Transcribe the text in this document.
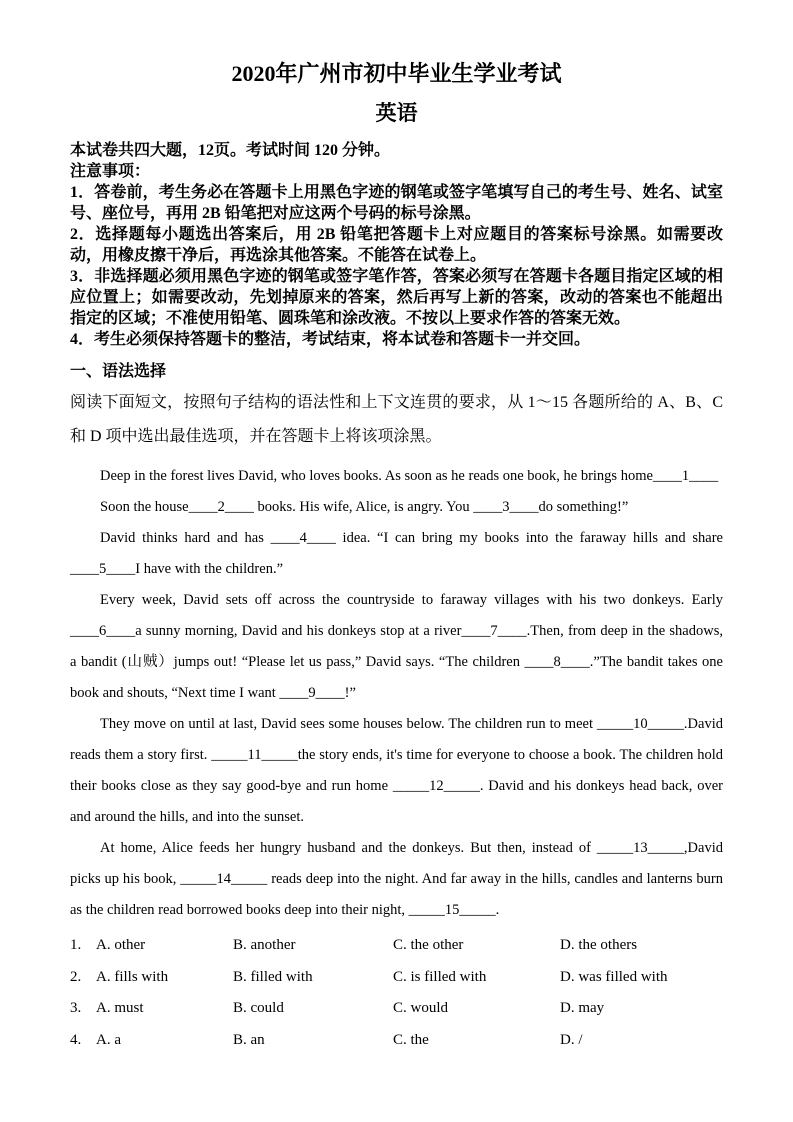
2020年广州市初中毕业生学业考试
英语

本试卷共四大题，12页。考试时间 120 分钟。

注意事项：

1．答卷前，考生务必在答题卡上用黑色字迹的钢笔或签字笔填写自己的考生号、姓名、试室号、座位号，再用 2B 铅笔把对应这两个号码的标号涂黑。

2．选择题每小题选出答案后，用 2B 铅笔把答题卡上对应题目的答案标号涂黑。如需要改动，用橡皮擦干净后，再选涂其他答案。不能答在试卷上。

3．非选择题必须用黑色字迹的钢笔或签字笔作答，答案必须写在答题卡各题目指定区域的相应位置上；如需要改动，先划掉原来的答案，然后再写上新的答案，改动的答案也不能超出指定的区域；不准使用铅笔、圆珠笔和涂改液。不按以上要求作答的答案无效。

4．考生必须保持答题卡的整洁，考试结束，将本试卷和答题卡一并交回。

一、语法选择

阅读下面短文，按照句子结构的语法性和上下文连贯的要求，从 1～15 各题所给的 A、B、C 和 D 项中选出最佳选项，并在答题卡上将该项涂黑。

Deep in the forest lives David, who loves books. As soon as he reads one book, he brings home____1____

Soon the house____2____ books. His wife, Alice, is angry. You ____3____do something!”

David thinks hard and has ____4____ idea. “I can bring my books into the faraway hills and share ____5____I have with the children.”

Every week, David sets off across the countryside to faraway villages with his two donkeys. Early ____6____a sunny morning, David and his donkeys stop at a river____7____.Then, from deep in the shadows, a bandit (山贼）jumps out! “Please let us pass,” David says. “The children ____8____.”The bandit takes one book and shouts, “Next time I want ____9____!”

They move on until at last, David sees some houses below. The children run to meet _____10_____.David reads them a story first. _____11_____the story ends, it's time for everyone to choose a book. The children hold their books close as they say good-bye and run home _____12_____. David and his donkeys head back, over and around the hills, and into the sunset.

At home, Alice feeds her hungry husband and the donkeys. But then, instead of _____13_____,David picks up his book, _____14_____ reads deep into the night. And far away in the hills, candles and lanterns burn as the children read borrowed books deep into their night, _____15_____.

1. A. other	B. another	C. the other	D. the others
2. A. fills with	B. filled with	C. is filled with	D. was filled with
3. A. must	B. could	C. would	D. may
4. A. a	B. an	C. the	D. /
